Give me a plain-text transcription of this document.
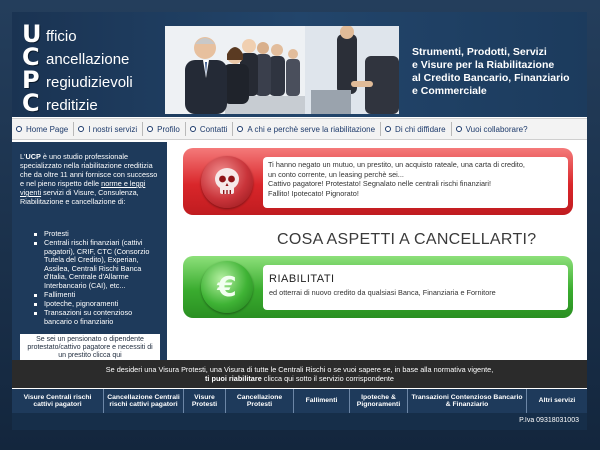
U fficio
C ancellazione
P regiudizievoli
C reditizie
Strumenti, Prodotti, Servizi
e Visure per la Riabilitazione
al Credito Bancario, Finanziario
e Commerciale
Home Page	I nostri servizi	Profilo	Contatti	A chi e perchè serve la riabilitazione	Di chi diffidare	Vuoi collaborare?
L'UCP è uno studio professionale specializzato nella riabilitazione creditizia che da oltre 11 anni fornisce con successo e nel pieno rispetto delle norme e leggi vigenti servizi di Visure, Consulenza, Riabilitazione e cancellazione di:
Protesti
Centrali rischi finanziari (cattivi pagatori), CRIF, CTC (Consorzio Tutela del Credito), Experian, Assilea, Centrali Rischi Banca d'Italia, Centrale d'Allarme Interbancario (CAI), etc...
Fallimenti
Ipoteche, pignoramenti
Transazioni su contenzioso bancario o finanziario
Se sei un pensionato o dipendente protestato/cattivo pagatore e necessiti di un prestito clicca qui
Ti hanno negato un mutuo, un prestito, un acquisto rateale, una carta di credito,
un conto corrente, un leasing perchè sei...
Cattivo pagatore! Protestato! Segnalato nelle centrali rischi finanziari!
Fallito! Ipotecato! Pignorato!
COSA ASPETTI A CANCELLARTI?
€	RIABILITATI
ed otterrai di nuovo credito da qualsiasi Banca, Finanziaria e Fornitore
Se desideri una Visura Protesti, una Visura di tutte le Centrali Rischi o se vuoi sapere se, in base alla normativa vigente,
ti puoi riabilitare clicca qui sotto il servizio corrispondente
Visure Centrali rischi cattivi pagatori
Cancellazione Centrali rischi cattivi pagatori
Visure Protesti
Cancellazione Protesti
Fallimenti
Ipoteche & Pignoramenti
Transazioni Contenzioso Bancario & Finanziario
Altri servizi
P.Iva 09318031003
